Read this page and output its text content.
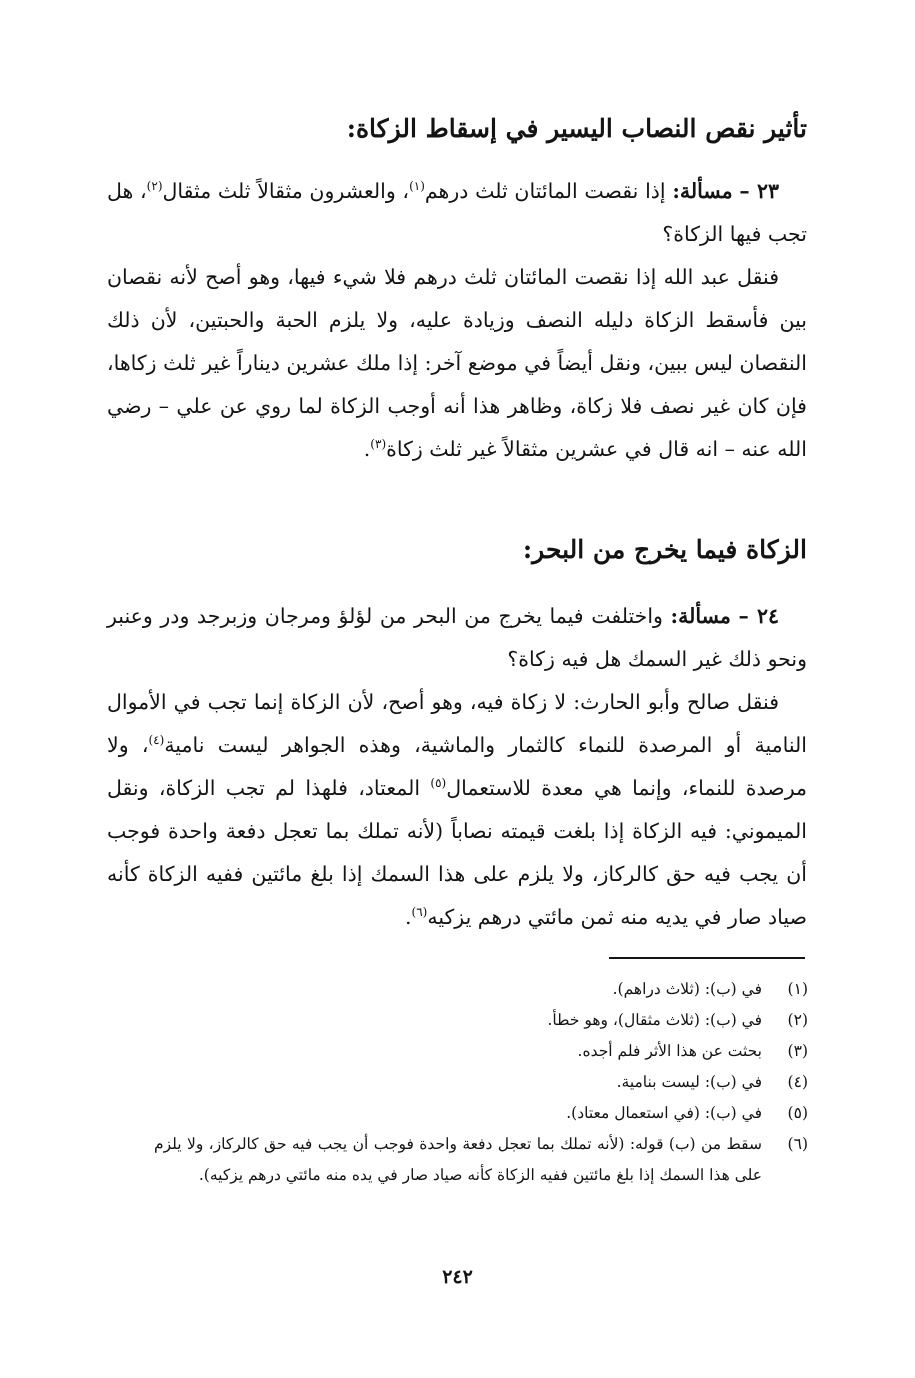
تأثير نقص النصاب اليسير في إسقاط الزكاة:

٢٣ – مسألة: إذا نقصت المائتان ثلث درهم$^{(١)}$، والعشرون مثقالاً ثلث مثقال$^{(٢)}$، هل تجب فيها الزكاة؟

فنقل عبد الله إذا نقصت المائتان ثلث درهم فلا شيء فيها، وهو أصح لأنه نقصان بين فأسقط الزكاة دليله النصف وزيادة عليه، ولا يلزم الحبة والحبتين، لأن ذلك النقصان ليس ببين، ونقل أيضاً في موضع آخر: إذا ملك عشرين ديناراً غير ثلث زكاها، فإن كان غير نصف فلا زكاة، وظاهر هذا أنه أوجب الزكاة لما روي عن علي – رضي الله عنه – انه قال في عشرين مثقالاً غير ثلث زكاة$^{(٣)}$.

الزكاة فيما يخرج من البحر:

٢٤ – مسألة: واختلفت فيما يخرج من البحر من لؤلؤ ومرجان وزبرجد ودر وعنبر ونحو ذلك غير السمك هل فيه زكاة؟

فنقل صالح وأبو الحارث: لا زكاة فيه، وهو أصح، لأن الزكاة إنما تجب في الأموال النامية أو المرصدة للنماء كالثمار والماشية، وهذه الجواهر ليست نامية$^{(٤)}$، ولا مرصدة للنماء، وإنما هي معدة للاستعمال$^{(٥)}$ المعتاد، فلهذا لم تجب الزكاة، ونقل الميموني: فيه الزكاة إذا بلغت قيمته نصاباً (لأنه تملك بما تعجل دفعة واحدة فوجب أن يجب فيه حق كالركاز، ولا يلزم على هذا السمك إذا بلغ مائتين ففيه الزكاة كأنه صياد صار في يديه منه ثمن مائتي درهم يزكيه$^{(٦)}$.

(١)
في (ب): (ثلاث دراهم).
(٢)
في (ب): (ثلاث مثقال)، وهو خطأ.
(٣)
بحثت عن هذا الأثر فلم أجده.
(٤)
في (ب): ليست بنامية.
(٥)
في (ب): (في استعمال معتاد).
(٦)
سقط من (ب) قوله: (لأنه تملك بما تعجل دفعة واحدة فوجب أن يجب فيه حق كالركاز، ولا يلزم على هذا السمك إذا بلغ مائتين ففيه الزكاة كأنه صياد صار في يده منه مائتي درهم يزكيه).
٢٤٢
